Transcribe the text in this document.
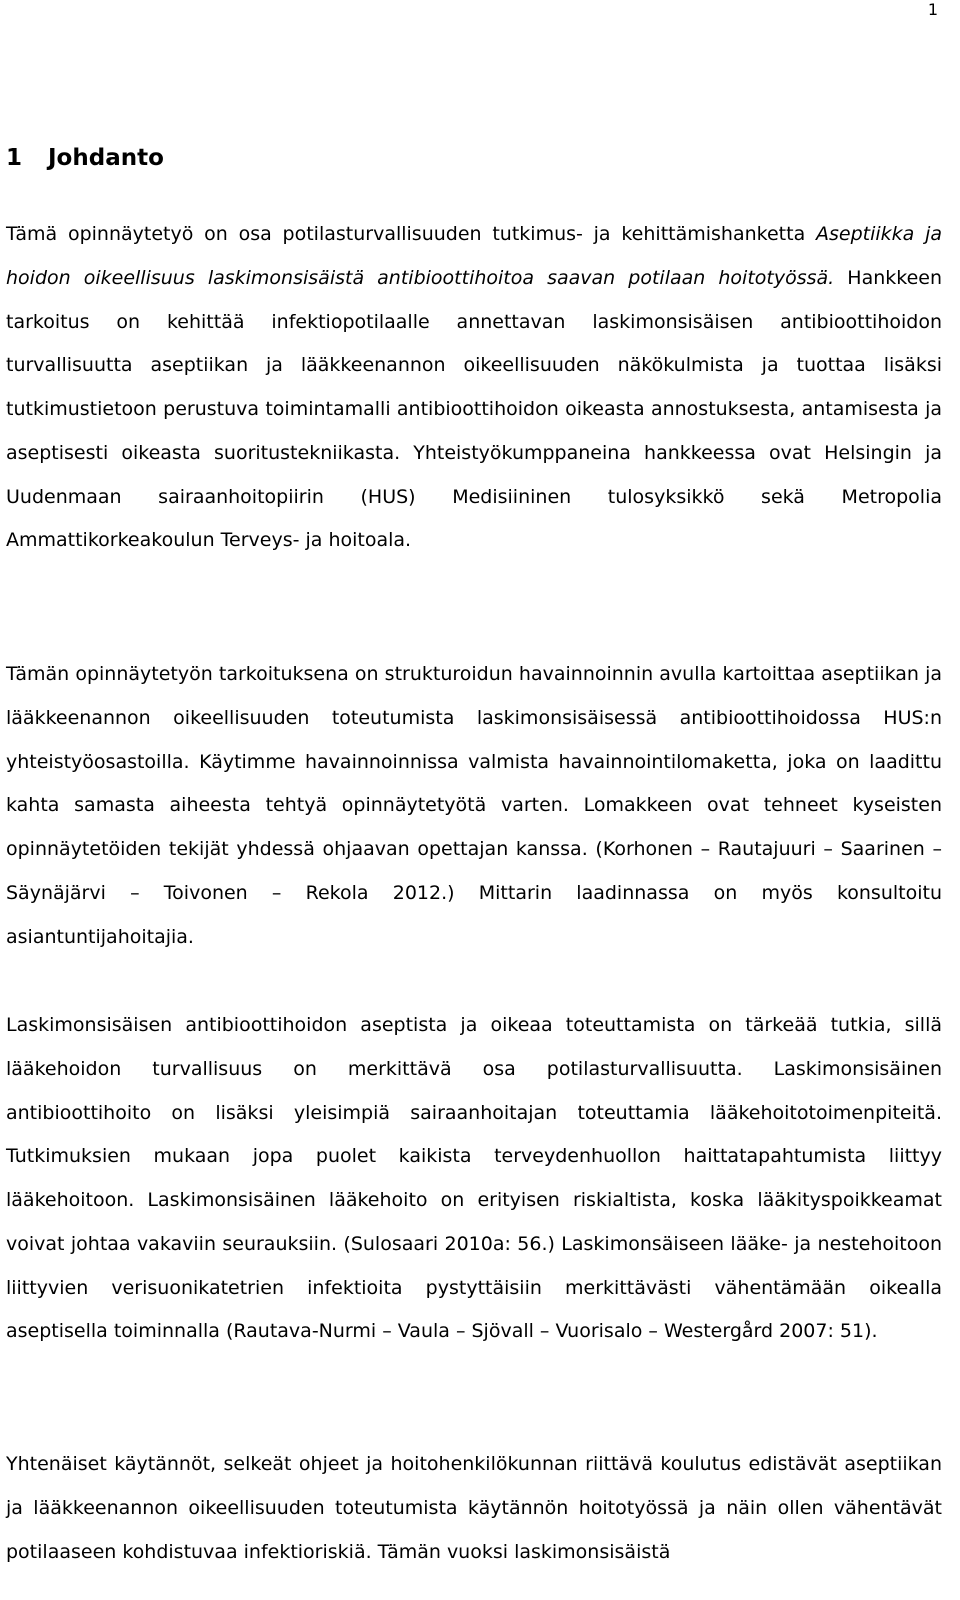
1
1 Johdanto

Tämä opinnäytetyö on osa potilasturvallisuuden tutkimus- ja kehittämishanketta Aseptiikka ja hoidon oikeellisuus laskimonsisäistä antibioottihoitoa saavan potilaan hoitotyössä. Hankkeen tarkoitus on kehittää infektiopotilaalle annettavan laskimonsisäisen antibioottihoidon turvallisuutta aseptiikan ja lääkkeenannon oikeellisuuden näkökulmista ja tuottaa lisäksi tutkimustietoon perustuva toimintamalli antibioottihoidon oikeasta annostuksesta, antamisesta ja aseptisesti oikeasta suoritustekniikasta. Yhteistyökumppaneina hankkeessa ovat Helsingin ja Uudenmaan sairaanhoitopiirin (HUS) Medisiininen tulosyksikkö sekä Metropolia Ammattikorkeakoulun Terveys- ja hoitoala.

Tämän opinnäytetyön tarkoituksena on strukturoidun havainnoinnin avulla kartoittaa aseptiikan ja lääkkeenannon oikeellisuuden toteutumista laskimonsisäisessä antibioottihoidossa HUS:n yhteistyöosastoilla. Käytimme havainnoinnissa valmista havainnointilomaketta, joka on laadittu kahta samasta aiheesta tehtyä opinnäytetyötä varten. Lomakkeen ovat tehneet kyseisten opinnäytetöiden tekijät yhdessä ohjaavan opettajan kanssa. (Korhonen – Rautajuuri – Saarinen – Säynäjärvi – Toivonen – Rekola 2012.) Mittarin laadinnassa on myös konsultoitu asiantuntijahoitajia.

Laskimonsisäisen antibioottihoidon aseptista ja oikeaa toteuttamista on tärkeää tutkia, sillä lääkehoidon turvallisuus on merkittävä osa potilasturvallisuutta. Laskimonsisäinen antibioottihoito on lisäksi yleisimpiä sairaanhoitajan toteuttamia lääkehoitotoimenpiteitä. Tutkimuksien mukaan jopa puolet kaikista terveydenhuollon haittatapahtumista liittyy lääkehoitoon. Laskimonsisäinen lääkehoito on erityisen riskialtista, koska lääkityspoikkeamat voivat johtaa vakaviin seurauksiin. (Sulosaari 2010a: 56.) Laskimonsäiseen lääke- ja nestehoitoon liittyvien verisuonikatetrien infektioita pystyttäisiin merkittävästi vähentämään oikealla aseptisella toiminnalla (Rautava-Nurmi – Vaula – Sjövall – Vuorisalo – Westergård 2007: 51).

Yhtenäiset käytännöt, selkeät ohjeet ja hoitohenkilökunnan riittävä koulutus edistävät aseptiikan ja lääkkeenannon oikeellisuuden toteutumista käytännön hoitotyössä ja näin ollen vähentävät potilaaseen kohdistuvaa infektioriskiä. Tämän vuoksi laskimonsisäistä
